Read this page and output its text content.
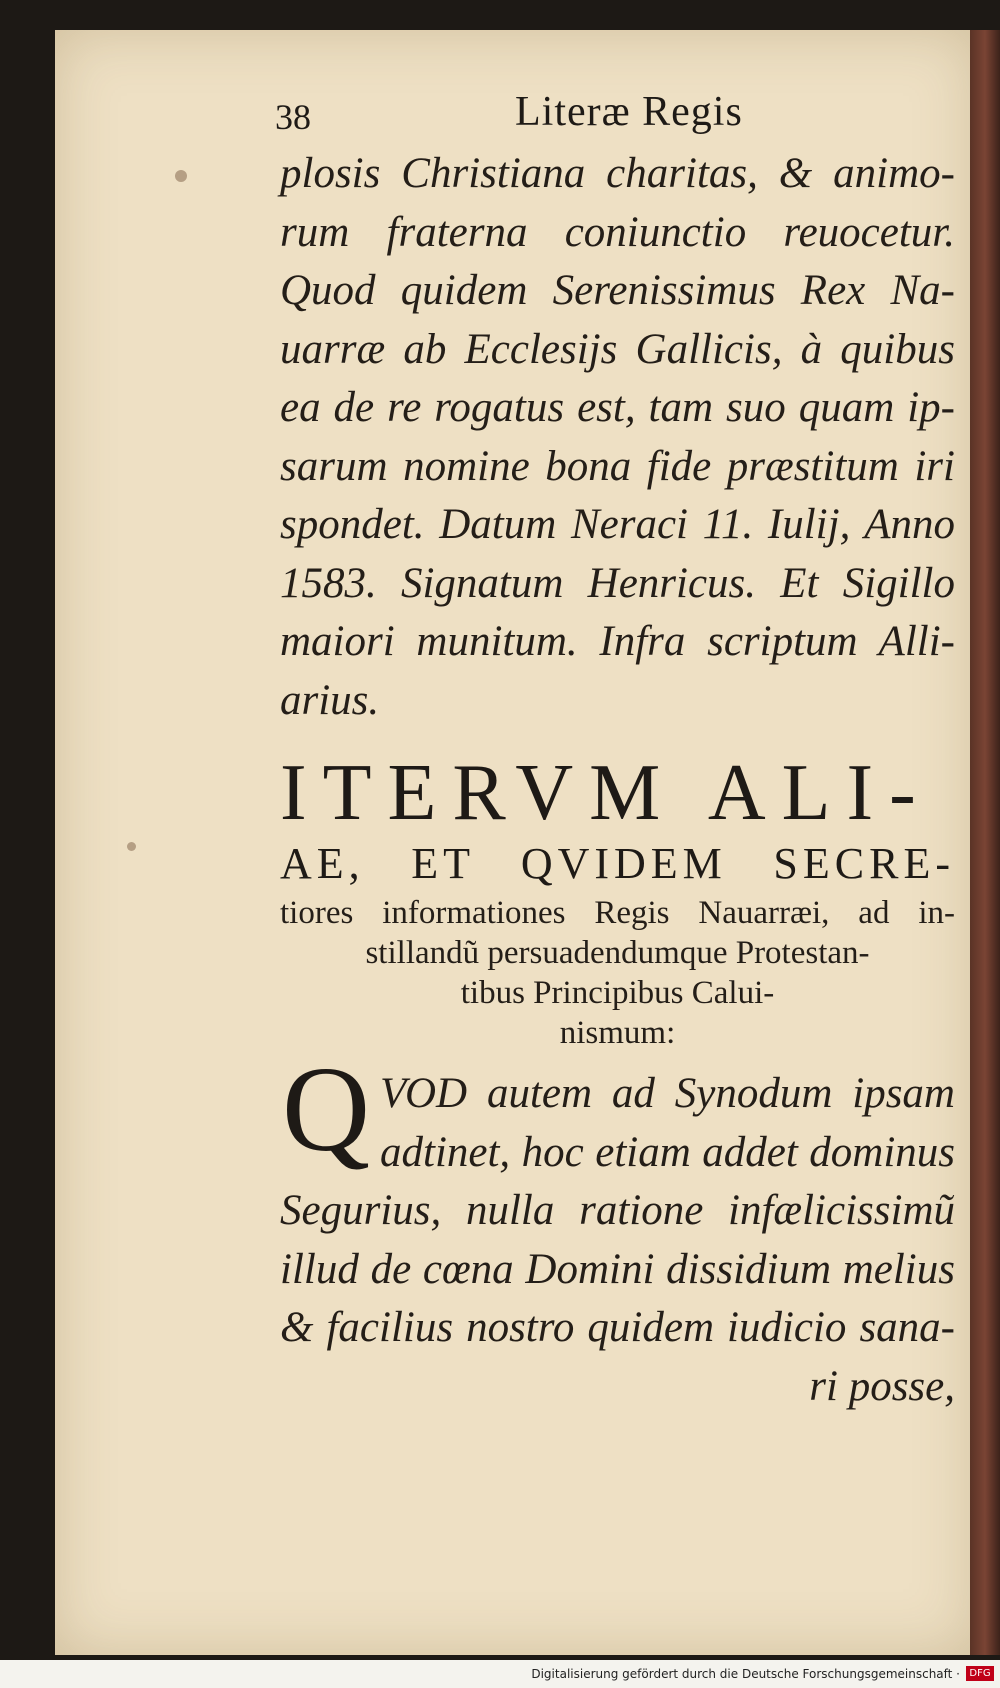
38	Literæ Regis
plosis Christiana charitas, & animo-
rum fraterna coniunctio reuocetur.
Quod quidem Serenissimus Rex Na-
uarræ ab Ecclesijs Gallicis, à quibus
ea de re rogatus est, tam suo quam ip-
sarum nomine bona fide præstitum iri
spondet. Datum Neraci 11. Iulij, Anno
1583. Signatum Henricus. Et Sigillo
maiori munitum. Infra scriptum Alli-
arius.
ITERVM ALI-
AE, ET QVIDEM SECRE-
tiores informationes Regis Nauarræi, ad in-
stillandũ persuadendumque Protestan-
tibus Principibus Calui-
nismum:
Q VOD autem ad Synodum ipsam
adtinet, hoc etiam addet dominus
Segurius, nulla ratione infælicissimũ
illud de cœna Domini dissidium melius
& facilius nostro quidem iudicio sana-
ri posse,
Digitalisierung gefördert durch die Deutsche Forschungsgemeinschaft · DFG
